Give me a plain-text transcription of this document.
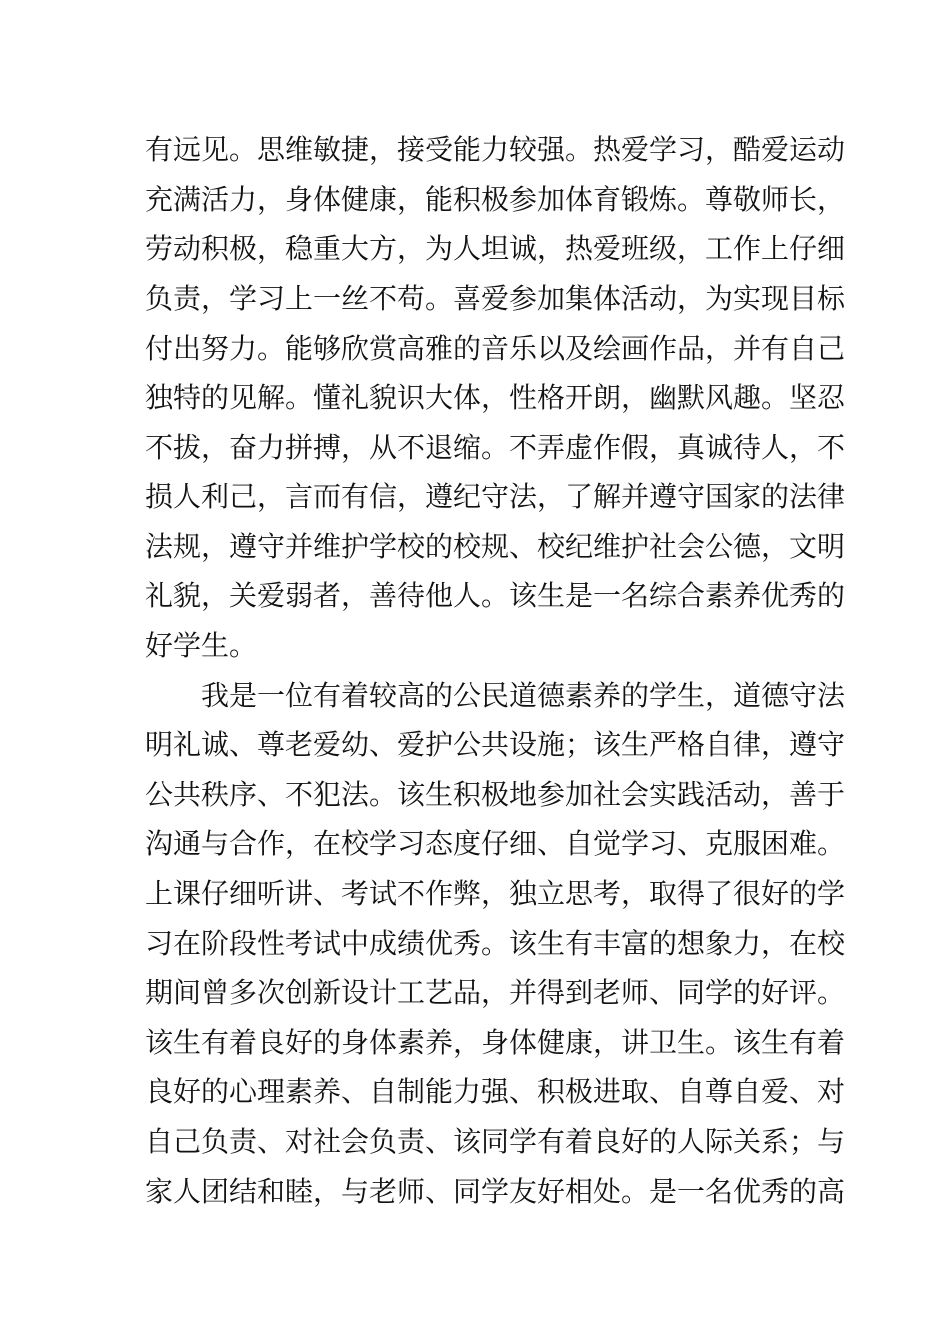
有远见。思维敏捷，接受能力较强。热爱学习，酷爱运动
充满活力，身体健康，能积极参加体育锻炼。尊敬师长，
劳动积极，稳重大方，为人坦诚，热爱班级，工作上仔细
负责，学习上一丝不苟。喜爱参加集体活动，为实现目标
付出努力。能够欣赏高雅的音乐以及绘画作品，并有自己
独特的见解。懂礼貌识大体，性格开朗，幽默风趣。坚忍
不拔，奋力拼搏，从不退缩。不弄虚作假，真诚待人，不
损人利己，言而有信，遵纪守法，了解并遵守国家的法律
法规，遵守并维护学校的校规、校纪维护社会公德，文明
礼貌，关爱弱者，善待他人。该生是一名综合素养优秀的
好学生。
我是一位有着较高的公民道德素养的学生，道德守法
明礼诚、尊老爱幼、爱护公共设施；该生严格自律，遵守
公共秩序、不犯法。该生积极地参加社会实践活动，善于
沟通与合作，在校学习态度仔细、自觉学习、克服困难。
上课仔细听讲、考试不作弊，独立思考，取得了很好的学
习在阶段性考试中成绩优秀。该生有丰富的想象力，在校
期间曾多次创新设计工艺品，并得到老师、同学的好评。
该生有着良好的身体素养，身体健康，讲卫生。该生有着
良好的心理素养、自制能力强、积极进取、自尊自爱、对
自己负责、对社会负责、该同学有着良好的人际关系；与
家人团结和睦，与老师、同学友好相处。是一名优秀的高
